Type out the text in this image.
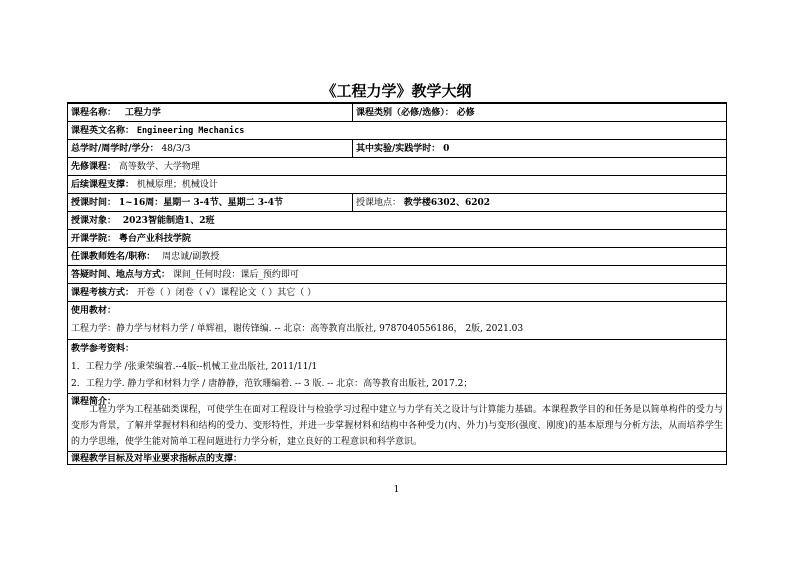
《工程力学》教学大纲
课程名称： 工程力学	课程类别（必修/选修）： 必修
课程英文名称： Engineering Mechanics
总学时/周学时/学分： 48/3/3	其中实验/实践学时： 0
先修课程： 高等数学、大学物理
后续课程支撑： 机械原理；机械设计
授课时间： 1~16周：星期一 3-4节、星期二 3-4节	授课地点： 教学楼6302、6202
授课对象： 2023智能制造1、2班
开课学院： 粤台产业科技学院
任课教师姓名/职称： 周忠诚/副教授
答疑时间、地点与方式： 课间_任何时段：课后_预约即可
课程考核方式： 开卷（ ）闭卷（ √）课程论文（ ）其它（ ）
使用教材：
工程力学：静力学与材料力学 / 单辉祖，谢传锋编. -- 北京：高等教育出版社, 9787040556186， 2版, 2021.03
教学参考资料：
1．工程力学 /张秉荣编着.--4版--机械工业出版社, 2011/11/1
2．工程力学. 静力学和材料力学 / 唐静静，范钦珊编着. -- 3 版. -- 北京：高等教育出版社, 2017.2；
课程简介：
工程力学为工程基础类课程，可使学生在面对工程设计与检验学习过程中建立与力学有关之设计与计算能力基础。本课程教学目的和任务是以简单构件的受力与变形为背景，了解并掌握材料和结构的受力、变形特性，并进一步掌握材料和结构中各种受力(内、外力)与变形(强度、刚度)的基本原理与分析方法，从而培养学生的力学思维，使学生能对简单工程问题进行力学分析，建立良好的工程意识和科学意识。
课程教学目标及对毕业要求指标点的支撑：
1
